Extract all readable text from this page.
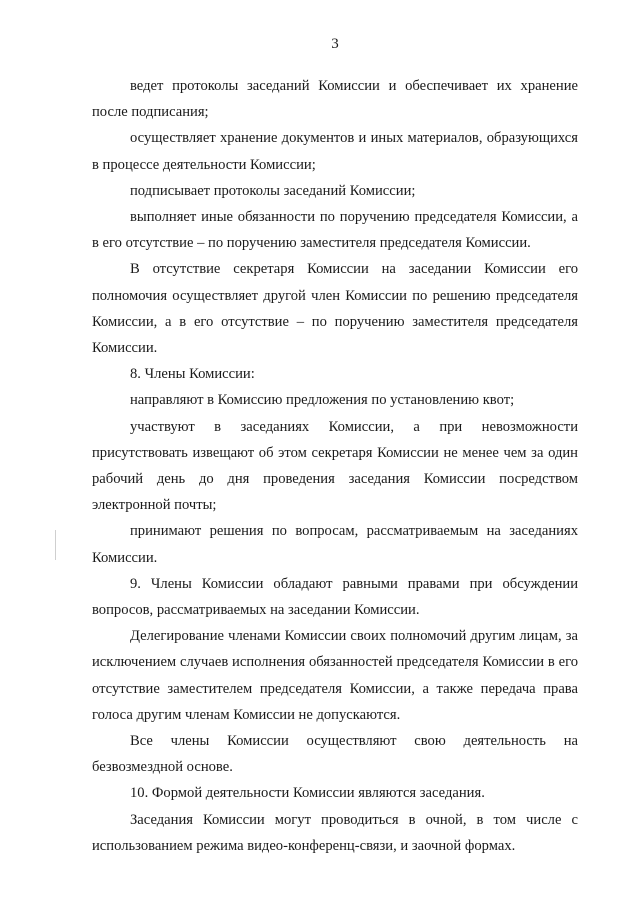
3

ведет протоколы заседаний Комиссии и обеспечивает их хранение после подписания;

осуществляет хранение документов и иных материалов, образующихся в процессе деятельности Комиссии;

подписывает протоколы заседаний Комиссии;

выполняет иные обязанности по поручению председателя Комиссии, а в его отсутствие – по поручению заместителя председателя Комиссии.

В отсутствие секретаря Комиссии на заседании Комиссии его полномочия осуществляет другой член Комиссии по решению председателя Комиссии, а в его отсутствие – по поручению заместителя председателя Комиссии.

8. Члены Комиссии:

направляют в Комиссию предложения по установлению квот;

участвуют в заседаниях Комиссии, а при невозможности присутствовать извещают об этом секретаря Комиссии не менее чем за один рабочий день до дня проведения заседания Комиссии посредством электронной почты;

принимают решения по вопросам, рассматриваемым на заседаниях Комиссии.

9. Члены Комиссии обладают равными правами при обсуждении вопросов, рассматриваемых на заседании Комиссии.

Делегирование членами Комиссии своих полномочий другим лицам, за исключением случаев исполнения обязанностей председателя Комиссии в его отсутствие заместителем председателя Комиссии, а также передача права голоса другим членам Комиссии не допускаются.

Все члены Комиссии осуществляют свою деятельность на безвозмездной основе.

10. Формой деятельности Комиссии являются заседания.

Заседания Комиссии могут проводиться в очной, в том числе с использованием режима видео-конференц-связи, и заочной формах.
